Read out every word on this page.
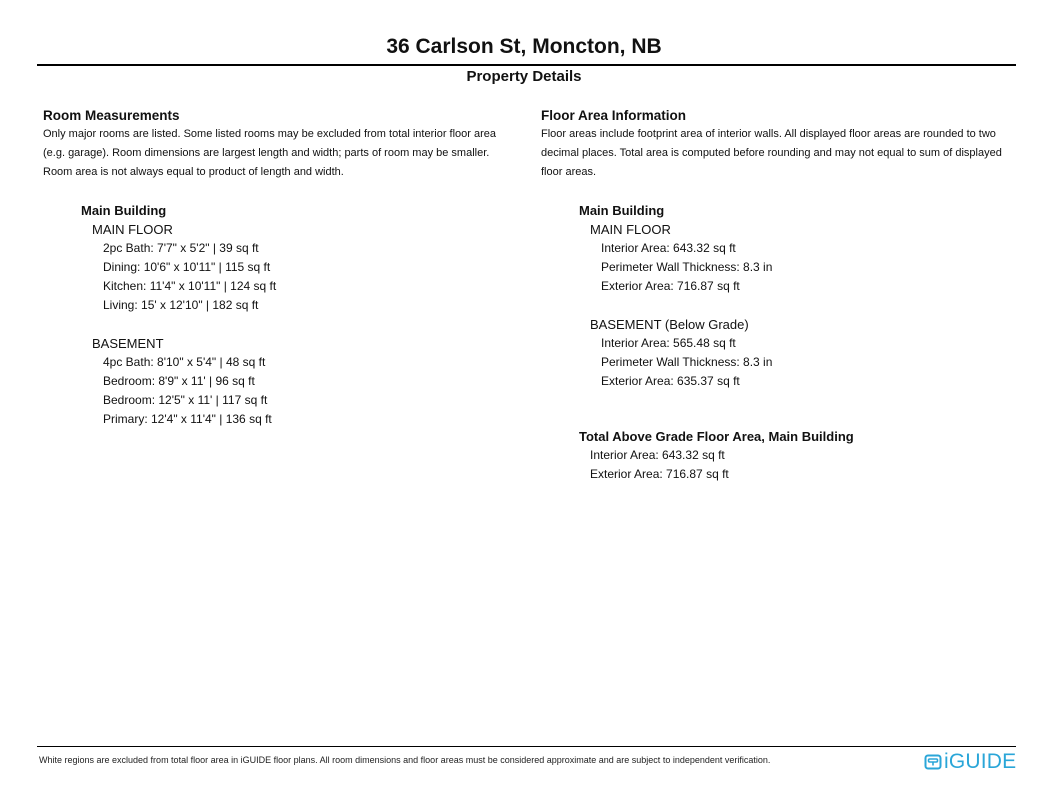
36 Carlson St, Moncton, NB
Property Details

Room Measurements

Only major rooms are listed. Some listed rooms may be excluded from total interior floor area (e.g. garage). Room dimensions are largest length and width; parts of room may be smaller. Room area is not always equal to product of length and width.

Main Building
MAIN FLOOR
2pc Bath: 7'7" x 5'2" | 39 sq ft
Dining: 10'6" x 10'11" | 115 sq ft
Kitchen: 11'4" x 10'11" | 124 sq ft
Living: 15' x 12'10" | 182 sq ft
BASEMENT
4pc Bath: 8'10" x 5'4" | 48 sq ft
Bedroom: 8'9" x 11' | 96 sq ft
Bedroom: 12'5" x 11' | 117 sq ft
Primary: 12'4" x 11'4" | 136 sq ft

Floor Area Information

Floor areas include footprint area of interior walls. All displayed floor areas are rounded to two decimal places. Total area is computed before rounding and may not equal to sum of displayed floor areas.

Main Building
MAIN FLOOR
Interior Area: 643.32 sq ft
Perimeter Wall Thickness: 8.3 in
Exterior Area: 716.87 sq ft
BASEMENT (Below Grade)
Interior Area: 565.48 sq ft
Perimeter Wall Thickness: 8.3 in
Exterior Area: 635.37 sq ft
Total Above Grade Floor Area, Main Building
Interior Area: 643.32 sq ft
Exterior Area: 716.87 sq ft
White regions are excluded from total floor area in iGUIDE floor plans. All room dimensions and floor areas must be considered approximate and are subject to independent verification.	iGUIDE
